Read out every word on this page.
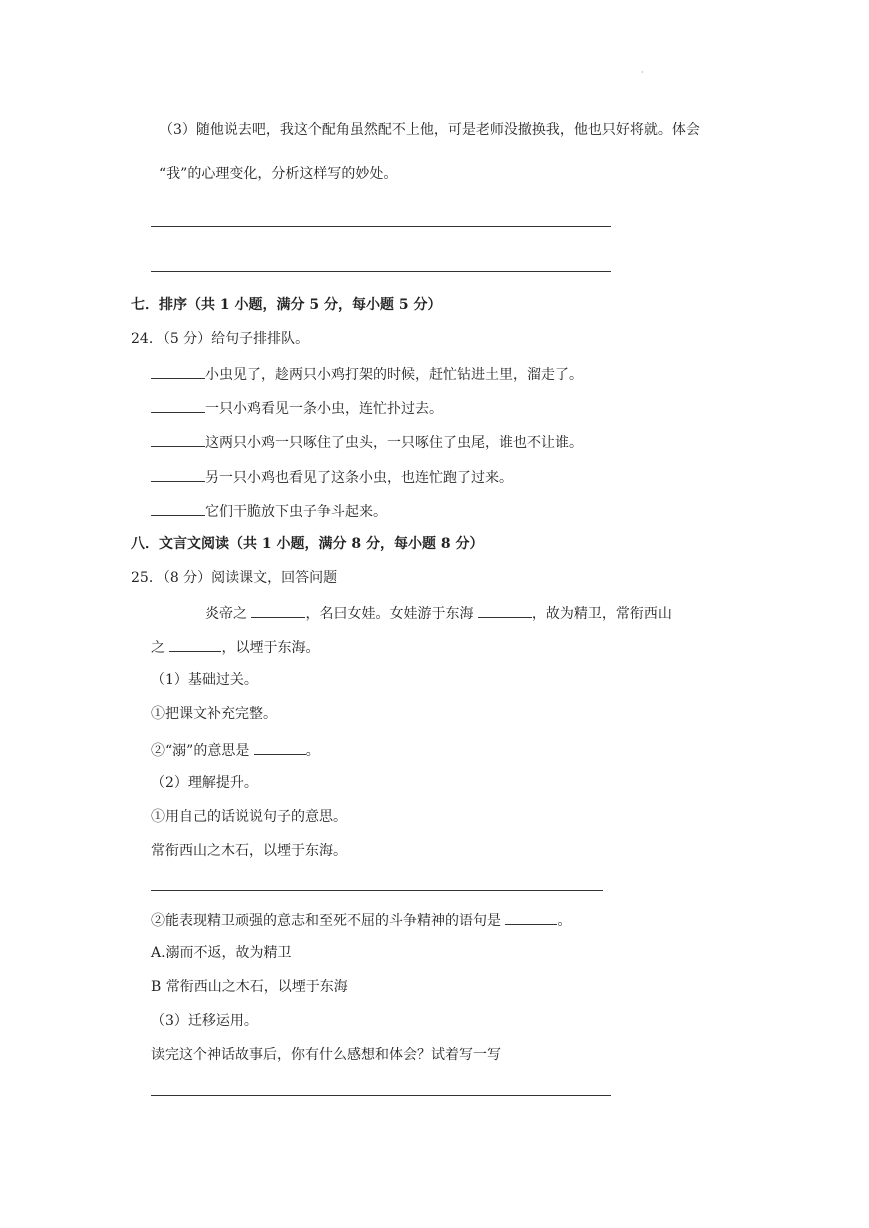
·
（3）随他说去吧，我这个配角虽然配不上他，可是老师没撤换我，他也只好将就。体会
“我”的心理变化，分析这样写的妙处。
七．排序（共 1 小题，满分 5 分，每小题 5 分）
24．（5 分）给句子排排队。
小虫见了，趁两只小鸡打架的时候，赶忙钻进土里，溜走了。
一只小鸡看见一条小虫，连忙扑过去。
这两只小鸡一只啄住了虫头，一只啄住了虫尾，谁也不让谁。
另一只小鸡也看见了这条小虫，也连忙跑了过来。
它们干脆放下虫子争斗起来。
八．文言文阅读（共 1 小题，满分 8 分，每小题 8 分）
25．（8 分）阅读课文，回答问题
炎帝之	，名曰女娃。女娃游于东海	，故为精卫，常衔西山
之	，以堙于东海。
（1）基础过关。
①把课文补充完整。
②“溺”的意思是	。
（2）理解提升。
①用自己的话说说句子的意思。
常衔西山之木石，以堙于东海。
②能表现精卫顽强的意志和至死不屈的斗争精神的语句是	。
A.溺而不返，故为精卫
B 常衔西山之木石，以堙于东海
（3）迁移运用。
读完这个神话故事后，你有什么感想和体会？试着写一写
